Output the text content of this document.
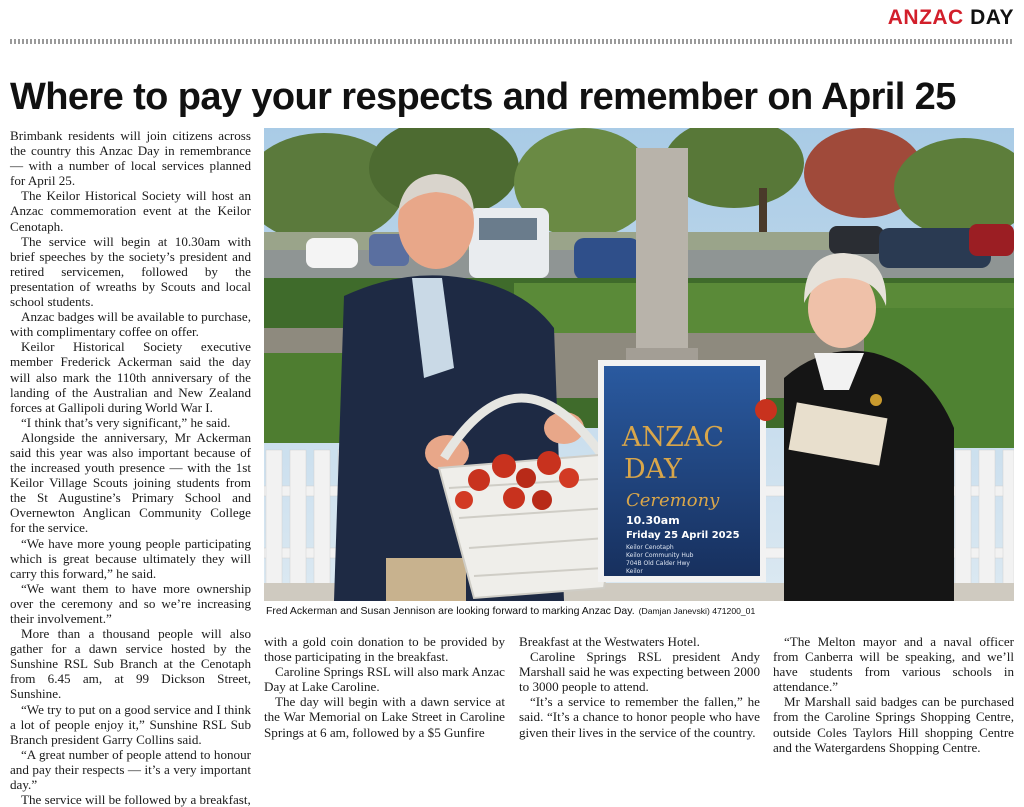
ANZAC DAY
Where to pay your respects and remember on April 25

Brimbank residents will join citizens across the country this Anzac Day in remembrance — with a number of local services planned for April 25.

The Keilor Historical Society will host an Anzac commemoration event at the Keilor Cenotaph.

The service will begin at 10.30am with brief speeches by the society’s president and retired servicemen, followed by the presentation of wreaths by Scouts and local school students.

Anzac badges will be available to purchase, with complimentary coffee on offer.

Keilor Historical Society executive member Frederick Ackerman said the day will also mark the 110th anniversary of the landing of the Australian and New Zealand forces at Gallipoli during World War I.

“I think that’s very significant,” he said.

Alongside the anniversary, Mr Ackerman said this year was also important because of the increased youth presence — with the 1st Keilor Village Scouts joining students from the St Augustine’s Primary School and Overnewton Anglican Community College for the service.

“We have more young people participating which is great because ultimately they will carry this forward,” he said.

“We want them to have more ownership over the ceremony and so we’re increasing their involvement.”

More than a thousand people will also gather for a dawn service hosted by the Sunshine RSL Sub Branch at the Cenotaph from 6.45 am, at 99 Dickson Street, Sunshine.

“We try to put on a good service and I think a lot of people enjoy it,” Sunshine RSL Sub Branch president Garry Collins said.

“A great number of people attend to honour and pay their respects — it’s a very important day.”

The service will be followed by a breakfast,

ANZAC
DAY
Ceremony
10.30am
Friday 25 April 2025
Keilor Cenotaph
Keilor Community Hub
704B Old Calder Hwy
Keilor
Fred Ackerman and Susan Jennison are looking forward to marking Anzac Day. (Damjan Janevski) 471200_01

with a gold coin donation to be provided by those participating in the breakfast.

Caroline Springs RSL will also mark Anzac Day at Lake Caroline.

The day will begin with a dawn service at the War Memorial on Lake Street in Caroline Springs at 6 am, followed by a $5 Gunfire

Breakfast at the Westwaters Hotel.

Caroline Springs RSL president Andy Marshall said he was expecting between 2000 to 3000 people to attend.

“It’s a service to remember the fallen,” he said. “It’s a chance to honor people who have given their lives in the service of the country.

“The Melton mayor and a naval officer from Canberra will be speaking, and we’ll have students from various schools in attendance.”

Mr Marshall said badges can be purchased from the Caroline Springs Shopping Centre, outside Coles Taylors Hill shopping Centre and the Watergardens Shopping Centre.
